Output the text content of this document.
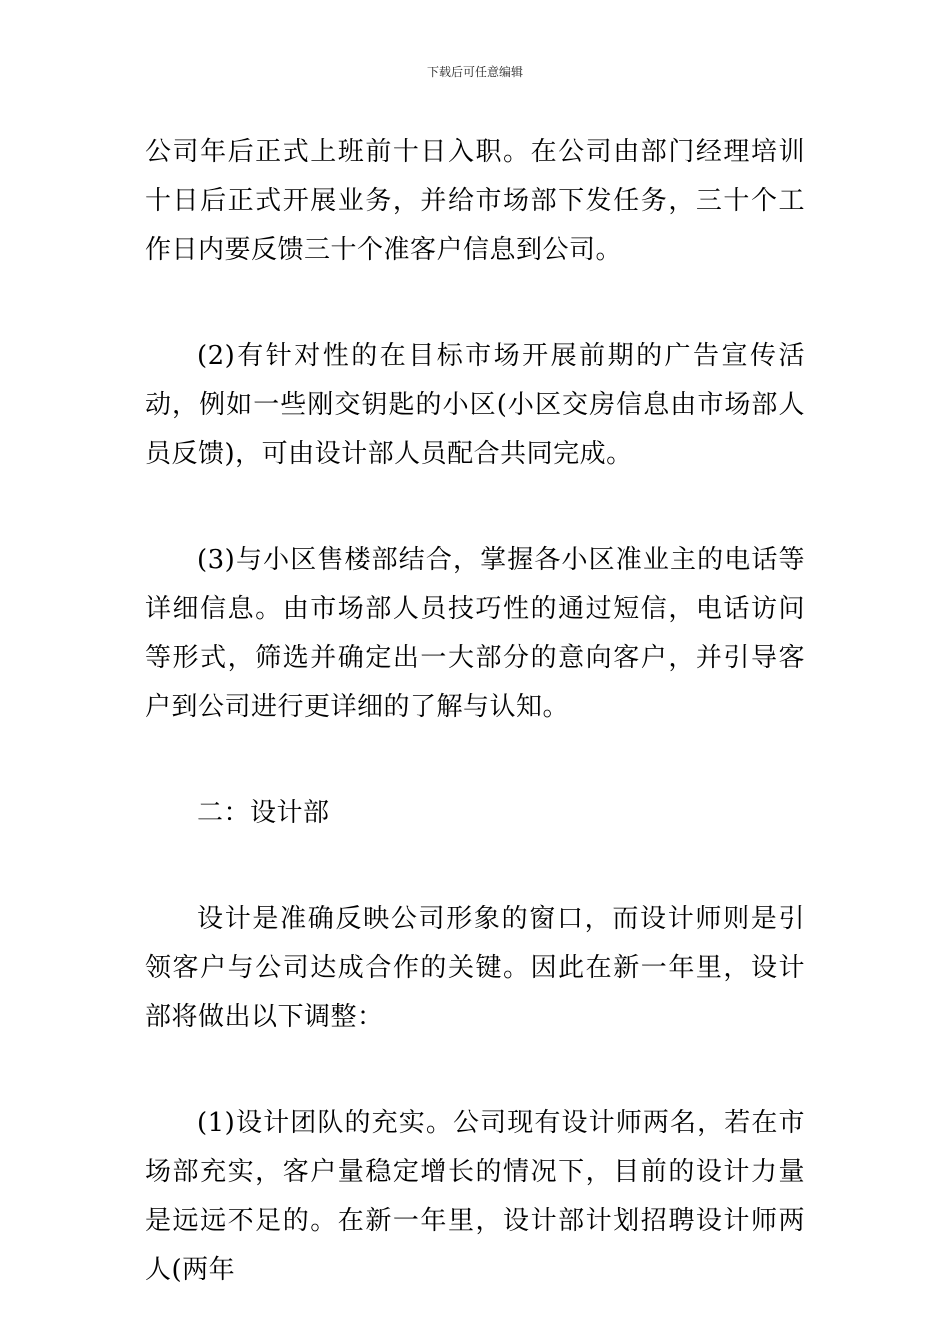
下载后可任意编辑

公司年后正式上班前十日入职。在公司由部门经理培训十日后正式开展业务，并给市场部下发任务，三十个工作日内要反馈三十个准客户信息到公司。

(2)有针对性的在目标市场开展前期的广告宣传活动，例如一些刚交钥匙的小区(小区交房信息由市场部人员反馈)，可由设计部人员配合共同完成。

(3)与小区售楼部结合，掌握各小区准业主的电话等详细信息。由市场部人员技巧性的通过短信，电话访问等形式，筛选并确定出一大部分的意向客户，并引导客户到公司进行更详细的了解与认知。

二：设计部

设计是准确反映公司形象的窗口，而设计师则是引领客户与公司达成合作的关键。因此在新一年里，设计部将做出以下调整：

(1)设计团队的充实。公司现有设计师两名，若在市场部充实，客户量稳定增长的情况下，目前的设计力量是远远不足的。在新一年里，设计部计划招聘设计师两人(两年
